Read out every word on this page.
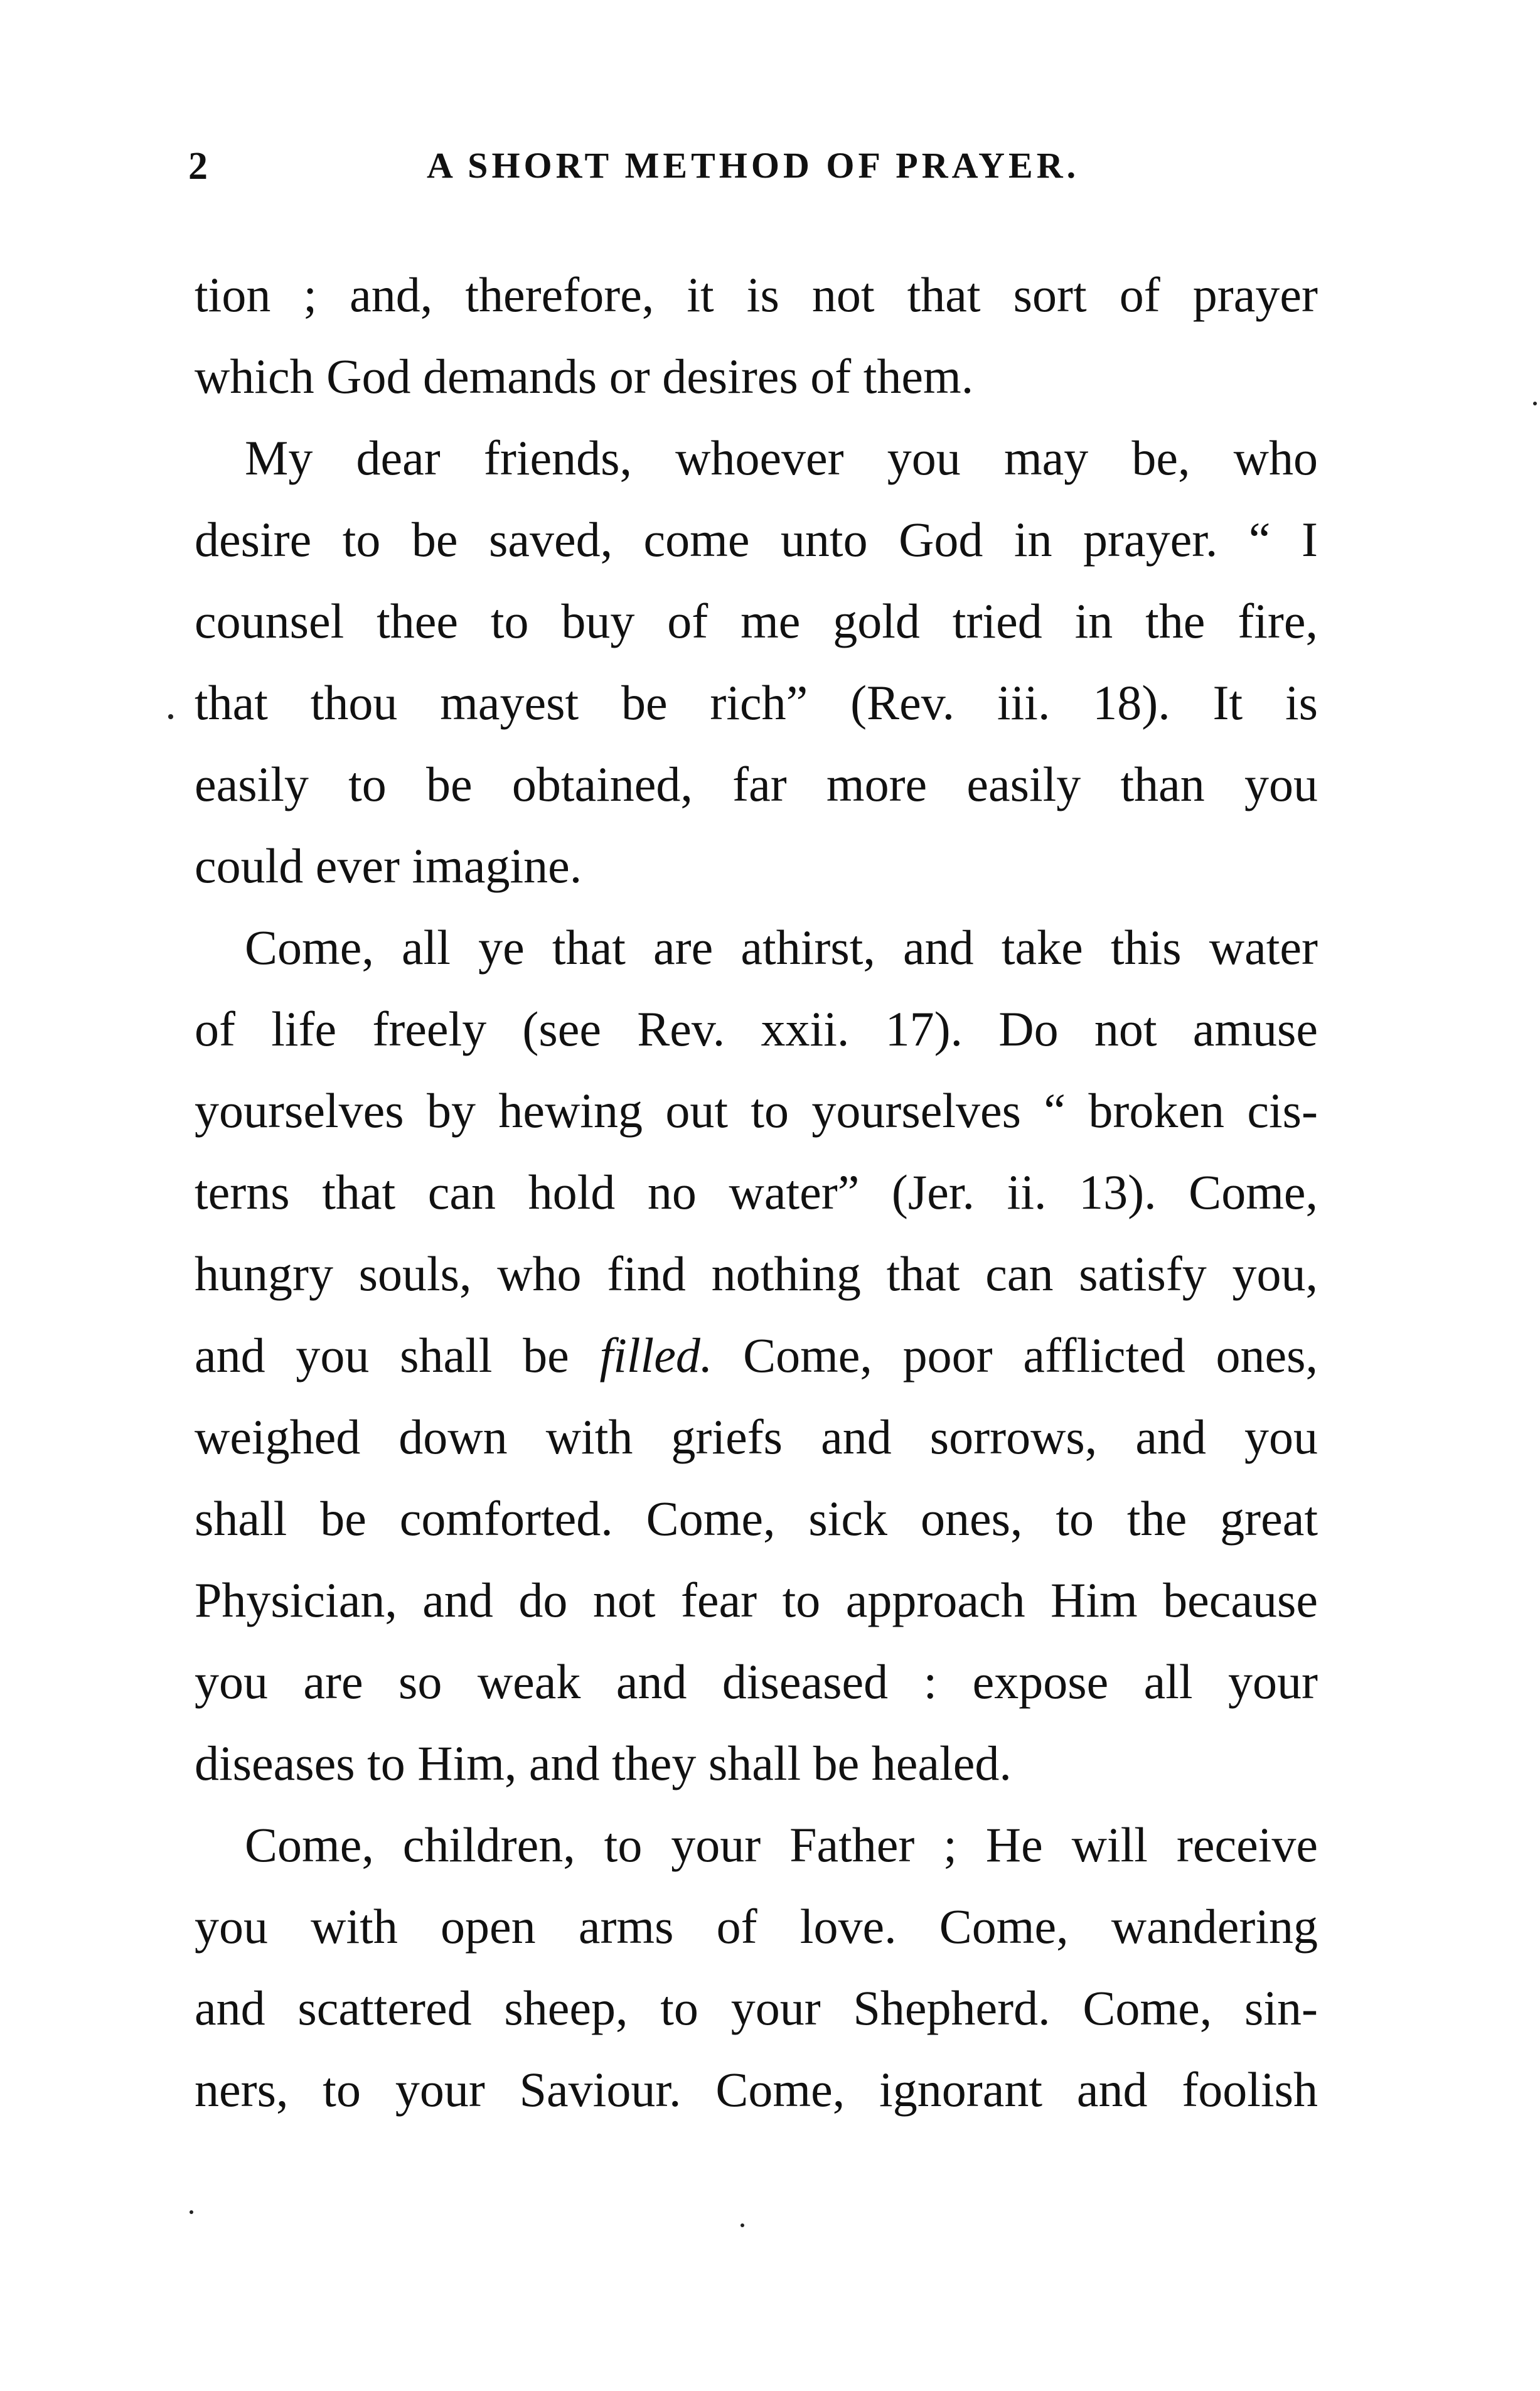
2	A SHORT METHOD OF PRAYER.
tion ; and, therefore, it is not that sort of prayer
which God demands or desires of them.
My dear friends, whoever you may be, who
desire to be saved, come unto God in prayer. “ I
counsel thee to buy of me gold tried in the fire,
that thou mayest be rich” (Rev. iii. 18). It is
easily to be obtained, far more easily than you
could ever imagine.
Come, all ye that are athirst, and take this water
of life freely (see Rev. xxii. 17). Do not amuse
yourselves by hewing out to yourselves “ broken cis-
terns that can hold no water” (Jer. ii. 13). Come,
hungry souls, who find nothing that can satisfy you,
and you shall be filled. Come, poor afflicted ones,
weighed down with griefs and sorrows, and you
shall be comforted. Come, sick ones, to the great
Physician, and do not fear to approach Him because
you are so weak and diseased : expose all your
diseases to Him, and they shall be healed.
Come, children, to your Father ; He will receive
you with open arms of love. Come, wandering
and scattered sheep, to your Shepherd. Come, sin-
ners, to your Saviour. Come, ignorant and foolish
